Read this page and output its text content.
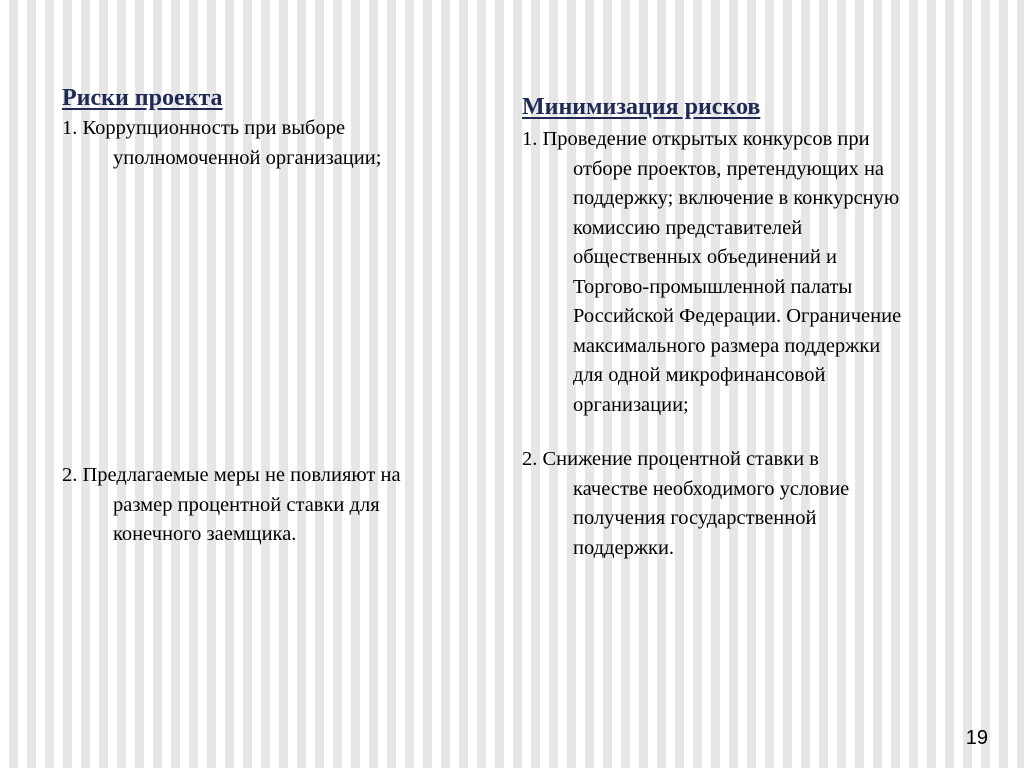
Риски проекта
1. Коррупционность при выборе
уполномоченной организации;
2. Предлагаемые меры не повлияют на
размер процентной ставки для
конечного заемщика.
Минимизация рисков
1. Проведение открытых конкурсов при
отборе проектов, претендующих на
поддержку; включение в конкурсную
комиссию представителей
общественных объединений и
Торгово-промышленной палаты
Российской Федерации. Ограничение
максимального размера поддержки
для одной микрофинансовой
организации;
2. Снижение процентной ставки в
качестве необходимого условие
получения государственной
поддержки.
19
